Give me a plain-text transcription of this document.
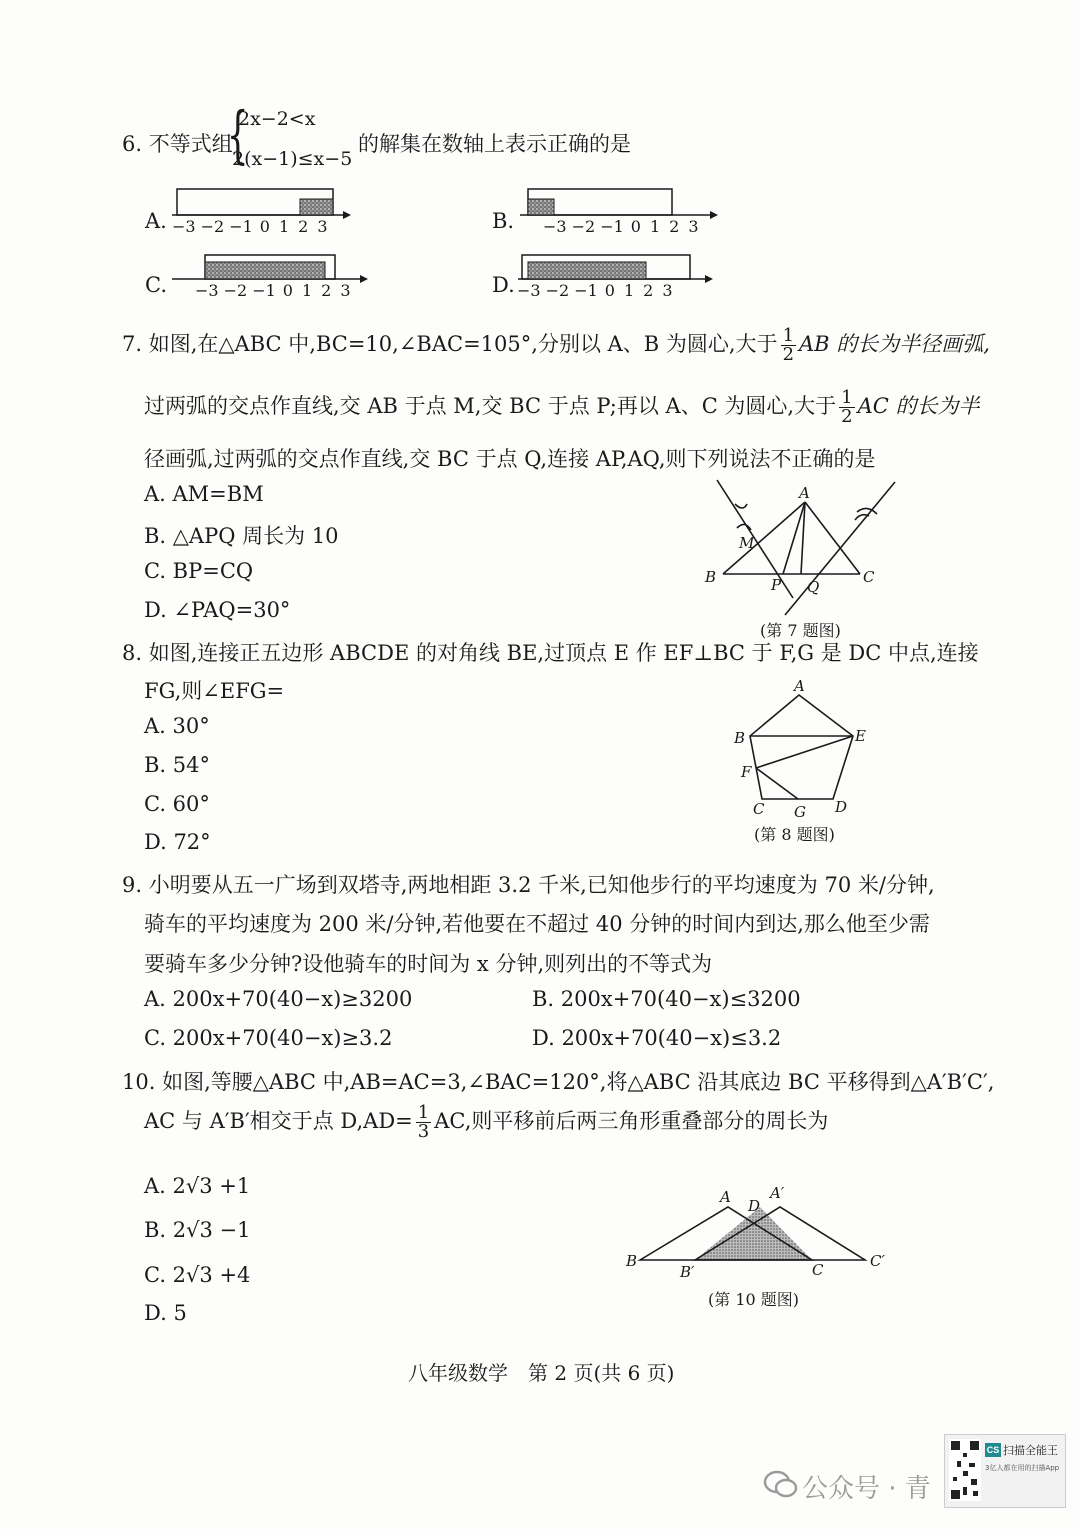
6. 不等式组
{
2x−2<x
2(x−1)≤x−5
的解集在数轴上表示正确的是
A.	B.
C.	D.
−3 −2 −1 0 1 2 3	−3 −2 −1 0 1 2 3
−3 −2 −1 0 1 2 3	−3 −2 −1 0 1 2 3
7. 如图,在△ABC 中,BC=10,∠BAC=105°,分别以 A、B 为圆心,大于 $\frac{1}{2}$ AB 的长为半径画弧,
过两弧的交点作直线,交 AB 于点 M,交 BC 于点 P;再以 A、C 为圆心,大于 $\frac{1}{2}$ AC 的长为半
径画弧,过两弧的交点作直线,交 BC 于点 Q,连接 AP,AQ,则下列说法不正确的是
A. AM=BM
B. △APQ 周长为 10
C. BP=CQ
D. ∠PAQ=30°
A
M
B	C
P Q
(第 7 题图)
8. 如图,连接正五边形 ABCDE 的对角线 BE,过顶点 E 作 EF⊥BC 于 F,G 是 DC 中点,连接
FG,则∠EFG=
A. 30°
B. 54°
C. 60°
D. 72°
A
B	E
F
C G D
(第 8 题图)
9. 小明要从五一广场到双塔寺,两地相距 3.2 千米,已知他步行的平均速度为 70 米/分钟,
骑车的平均速度为 200 米/分钟,若他要在不超过 40 分钟的时间内到达,那么他至少需
要骑车多少分钟?设他骑车的时间为 x 分钟,则列出的不等式为
A. 200x+70(40−x)≥3200	B. 200x+70(40−x)≤3200
C. 200x+70(40−x)≥3.2	D. 200x+70(40−x)≤3.2
10. 如图,等腰△ABC 中,AB=AC=3,∠BAC=120°,将△ABC 沿其底边 BC 平移得到△A′B′C′,
AC 与 A′B′相交于点 $D,AD= \frac{1}{3}$ AC,则平移前后两三角形重叠部分的周长为
A. 2√3 +1
B. 2√3 −1
C. 2√3 +4
D. 5
A D
A′
B
B′	C	C′
(第 10 题图)
八年级数学　第 2 页(共 6 页)
公众号 · 青
CS 扫描全能王
3亿人都在用的扫描App
